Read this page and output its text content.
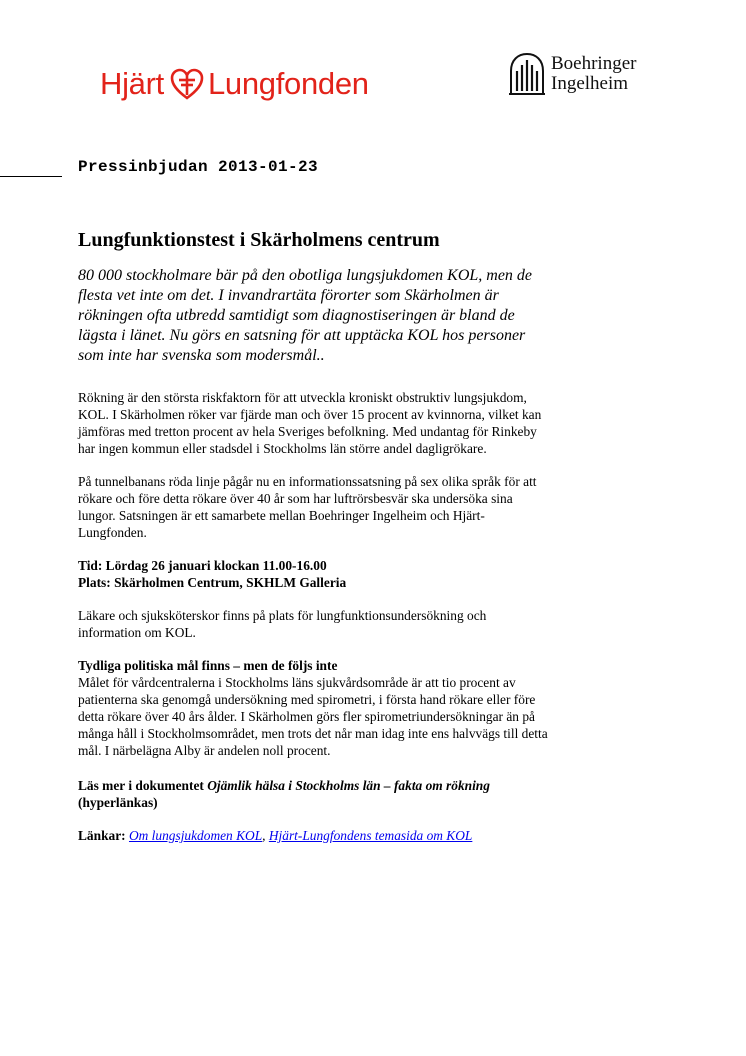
Hjärt Lungfonden
Boehringer
Ingelheim
Pressinbjudan 2013-01-23
Lungfunktionstest i Skärholmens centrum

80 000 stockholmare bär på den obotliga lungsjukdomen KOL, men de flesta vet inte om det. I invandrartäta förorter som Skärholmen är rökningen ofta utbredd samtidigt som diagnostiseringen är bland de lägsta i länet. Nu görs en satsning för att upptäcka KOL hos personer som inte har svenska som modersmål..

Rökning är den största riskfaktorn för att utveckla kroniskt obstruktiv lungsjukdom, KOL. I Skärholmen röker var fjärde man och över 15 procent av kvinnorna, vilket kan jämföras med tretton procent av hela Sveriges befolkning. Med undantag för Rinkeby har ingen kommun eller stadsdel i Stockholms län större andel dagligrökare.

På tunnelbanans röda linje pågår nu en informationssatsning på sex olika språk för att rökare och före detta rökare över 40 år som har luftrörsbesvär ska undersöka sina lungor. Satsningen är ett samarbete mellan Boehringer Ingelheim och Hjärt-Lungfonden.

Tid: Lördag 26 januari klockan 11.00-16.00
Plats: Skärholmen Centrum, SKHLM Galleria

Läkare och sjuksköterskor finns på plats för lungfunktionsundersökning och information om KOL.

Tydliga politiska mål finns – men de följs inte
Målet för vårdcentralerna i Stockholms läns sjukvårdsområde är att tio procent av patienterna ska genomgå undersökning med spirometri, i första hand rökare eller före detta rökare över 40 års ålder. I Skärholmen görs fler spirometriundersökningar än på många håll i Stockholmsområdet, men trots det når man idag inte ens halvvägs till detta mål. I närbelägna Alby är andelen noll procent.

Läs mer i dokumentet Ojämlik hälsa i Stockholms län – fakta om rökning (hyperlänkas)

Länkar: Om lungsjukdomen KOL, Hjärt-Lungfondens temasida om KOL
